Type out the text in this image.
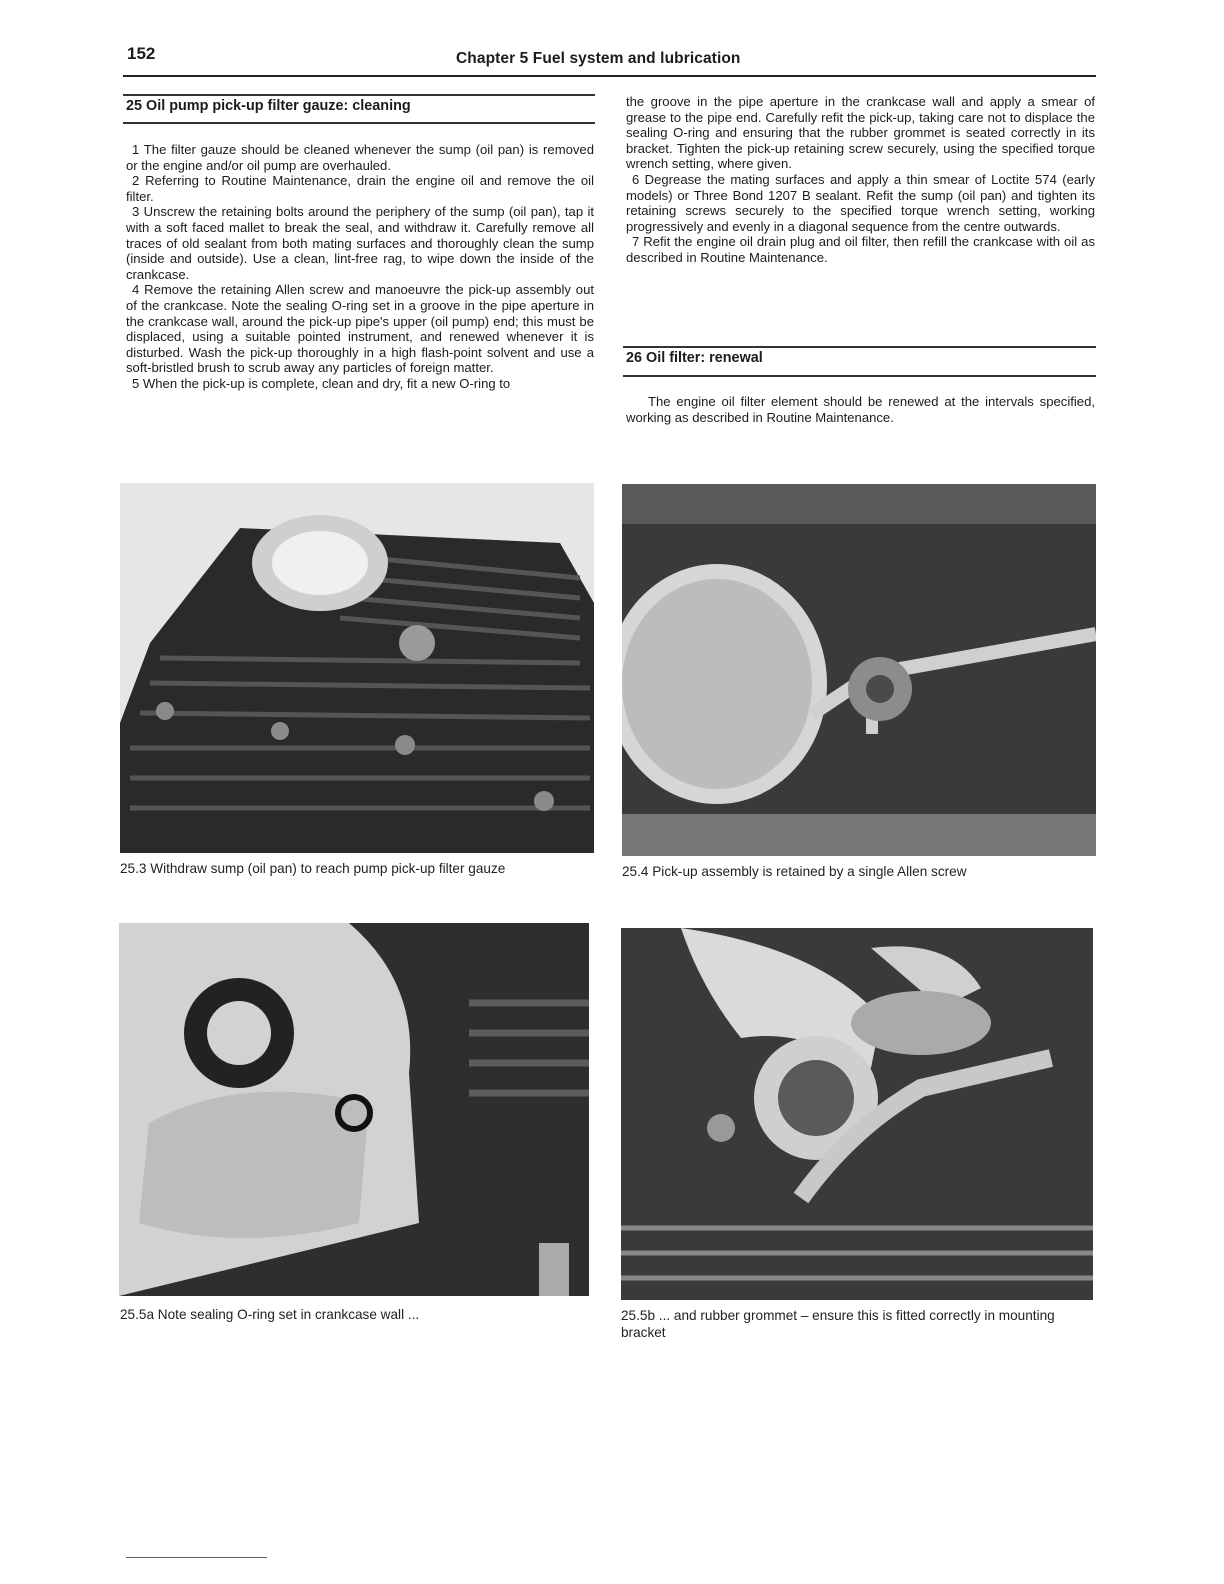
152	Chapter 5 Fuel system and lubrication
25 Oil pump pick-up filter gauze: cleaning

1 The filter gauze should be cleaned whenever the sump (oil pan) is removed or the engine and/or oil pump are overhauled.

2 Referring to Routine Maintenance, drain the engine oil and remove the oil filter.

3 Unscrew the retaining bolts around the periphery of the sump (oil pan), tap it with a soft faced mallet to break the seal, and withdraw it. Carefully remove all traces of old sealant from both mating surfaces and thoroughly clean the sump (inside and outside). Use a clean, lint-free rag, to wipe down the inside of the crankcase.

4 Remove the retaining Allen screw and manoeuvre the pick-up assembly out of the crankcase. Note the sealing O-ring set in a groove in the pipe aperture in the crankcase wall, around the pick-up pipe's upper (oil pump) end; this must be displaced, using a suitable pointed instrument, and renewed whenever it is disturbed. Wash the pick-up thoroughly in a high flash-point solvent and use a soft-bristled brush to scrub away any particles of foreign matter.

5 When the pick-up is complete, clean and dry, fit a new O-ring to

the groove in the pipe aperture in the crankcase wall and apply a smear of grease to the pipe end. Carefully refit the pick-up, taking care not to displace the sealing O-ring and ensuring that the rubber grommet is seated correctly in its bracket. Tighten the pick-up retaining screw securely, using the specified torque wrench setting, where given.

6 Degrease the mating surfaces and apply a thin smear of Loctite 574 (early models) or Three Bond 1207 B sealant. Refit the sump (oil pan) and tighten its retaining screws securely to the specified torque wrench setting, working progressively and evenly in a diagonal sequence from the centre outwards.

7 Refit the engine oil drain plug and oil filter, then refill the crankcase with oil as described in Routine Maintenance.

26 Oil filter: renewal

The engine oil filter element should be renewed at the intervals specified, working as described in Routine Maintenance.

25.3 Withdraw sump (oil pan) to reach pump pick-up filter gauze	25.4 Pick-up assembly is retained by a single Allen screw
25.5a Note sealing O-ring set in crankcase wall ...	25.5b ... and rubber grommet – ensure this is fitted correctly in mounting bracket
